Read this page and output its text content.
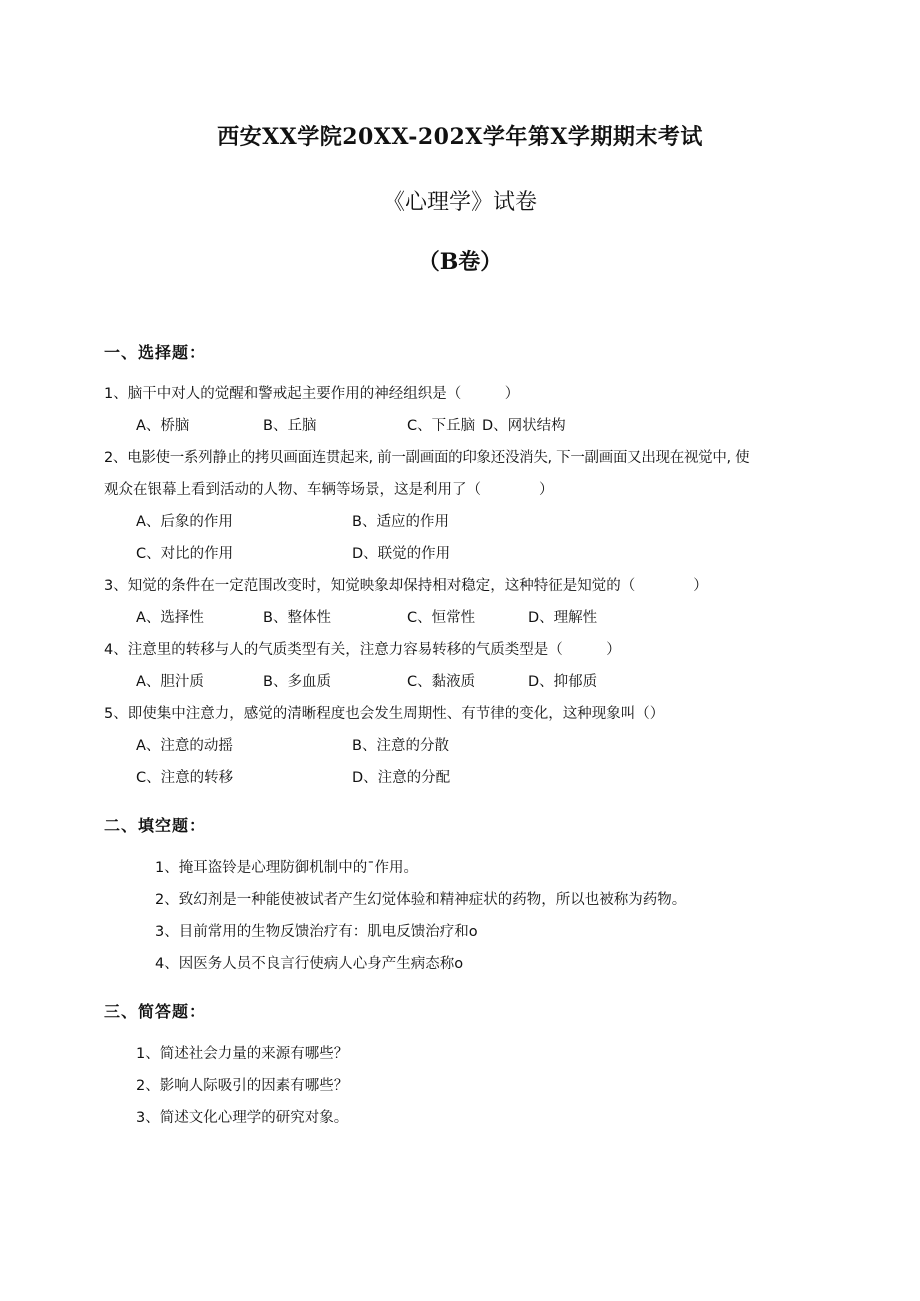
西安XX学院20XX-202X学年第X学期期末考试
《心理学》试卷
（B卷）
一、选择题：
1、脑干中对人的觉醒和警戒起主要作用的神经组织是（　　　）
A、桥脑	B、丘脑	C、下丘脑 D、网状结构
2、电影使一系列静止的拷贝画面连贯起来, 前一副画面的印象还没消失, 下一副画面又出现在视觉中, 使
观众在银幕上看到活动的人物、车辆等场景，这是利用了（　　　　）
A、后象的作用	B、适应的作用
C、对比的作用	D、联觉的作用
3、知觉的条件在一定范围改变时，知觉映象却保持相对稳定，这种特征是知觉的（　　　　）
A、选择性	B、整体性	C、恒常性	D、理解性
4、注意里的转移与人的气质类型有关，注意力容易转移的气质类型是（　　　）
A、胆汁质	B、多血质	C、黏液质	D、抑郁质
5、即使集中注意力，感觉的清晰程度也会发生周期性、有节律的变化，这种现象叫（）
A、注意的动摇	B、注意的分散
C、注意的转移	D、注意的分配
二、填空题：
1、掩耳盗铃是心理防御机制中的ˉ作用。
2、致幻剂是一种能使被试者产生幻觉体验和精神症状的药物，所以也被称为药物。
3、目前常用的生物反馈治疗有：肌电反馈治疗和o
4、因医务人员不良言行使病人心身产生病态称o
三、简答题：
1、简述社会力量的来源有哪些？
2、影响人际吸引的因素有哪些？
3、简述文化心理学的研究对象。
